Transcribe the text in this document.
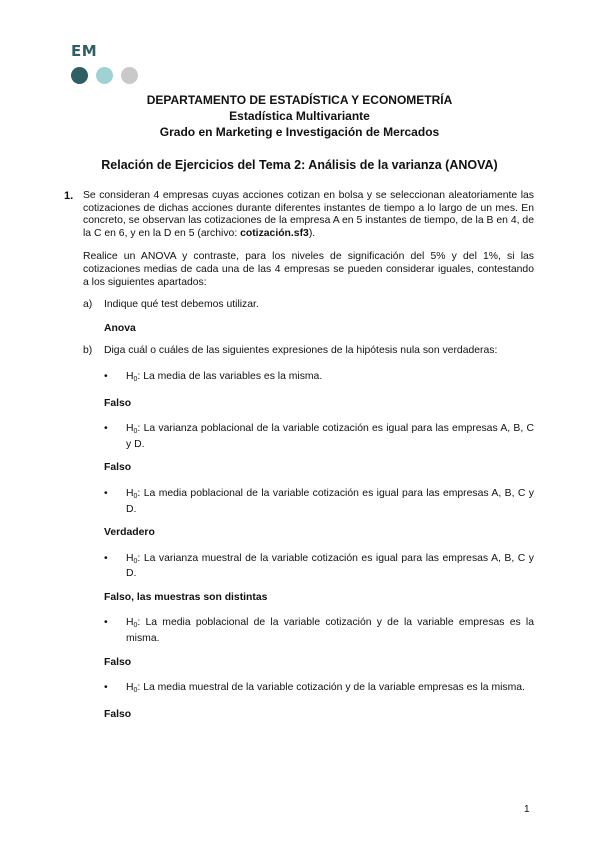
EM
DEPARTAMENTO DE ESTADÍSTICA Y ECONOMETRÍA
Estadística Multivariante
Grado en Marketing e Investigación de Mercados
Relación de Ejercicios del Tema 2: Análisis de la varianza (ANOVA)
1. Se consideran 4 empresas cuyas acciones cotizan en bolsa y se seleccionan aleatoriamente las cotizaciones de dichas acciones durante diferentes instantes de tiempo a lo largo de un mes. En concreto, se observan las cotizaciones de la empresa A en 5 instantes de tiempo, de la B en 4, de la C en 6, y en la D en 5 (archivo: cotización.sf3).

Realice un ANOVA y contraste, para los niveles de significación del 5% y del 1%, si las cotizaciones medias de cada una de las 4 empresas se pueden considerar iguales, contestando a los siguientes apartados:

a) Indique qué test debemos utilizar.
Anova
b) Diga cuál o cuáles de las siguientes expresiones de la hipótesis nula son verdaderas:
• $H_0$: La media de las variables es la misma.
Falso
• $H_0$: La varianza poblacional de la variable cotización es igual para las empresas A, B, C y D.
Falso
• $H_0$: La media poblacional de la variable cotización es igual para las empresas A, B, C y D.
Verdadero
• $H_0$: La varianza muestral de la variable cotización es igual para las empresas A, B, C y D.
Falso, las muestras son distintas
• $H_0$: La media poblacional de la variable cotización y de la variable empresas es la misma.
Falso
• $H_0$: La media muestral de la variable cotización y de la variable empresas es la misma.
Falso
1
